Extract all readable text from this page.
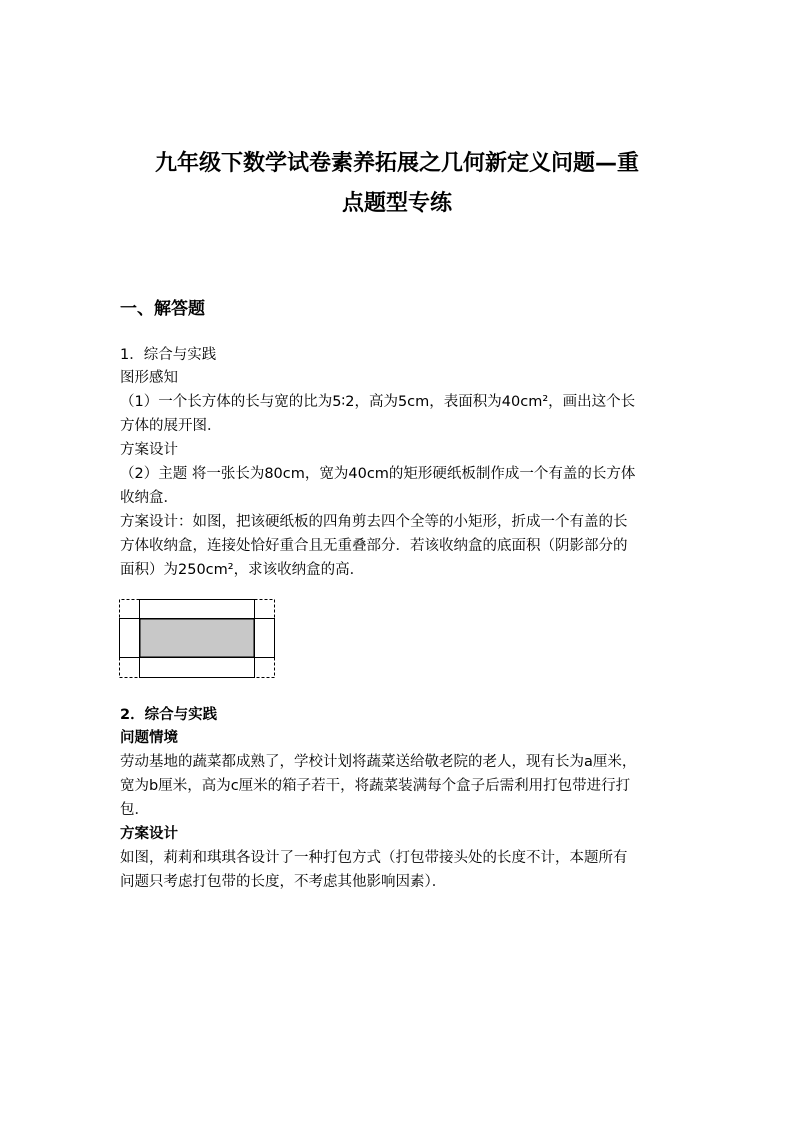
九年级下数学试卷素养拓展之几何新定义问题—重
点题型专练
一、解答题
1．综合与实践
图形感知
（1）一个长方体的长与宽的比为5∶2，高为5cm，表面积为40cm²，画出这个长
方体的展开图．
方案设计
（2）主题 将一张长为80cm，宽为40cm的矩形硬纸板制作成一个有盖的长方体
收纳盒．
方案设计：如图，把该硬纸板的四角剪去四个全等的小矩形，折成一个有盖的长
方体收纳盒，连接处恰好重合且无重叠部分．若该收纳盒的底面积（阴影部分的
面积）为250cm²，求该收纳盒的高．
2．综合与实践
问题情境
劳动基地的蔬菜都成熟了，学校计划将蔬菜送给敬老院的老人，现有长为a厘米，
宽为b厘米，高为c厘米的箱子若干，将蔬菜装满每个盒子后需利用打包带进行打
包．
方案设计
如图，莉莉和琪琪各设计了一种打包方式（打包带接头处的长度不计，本题所有
问题只考虑打包带的长度，不考虑其他影响因素）．
